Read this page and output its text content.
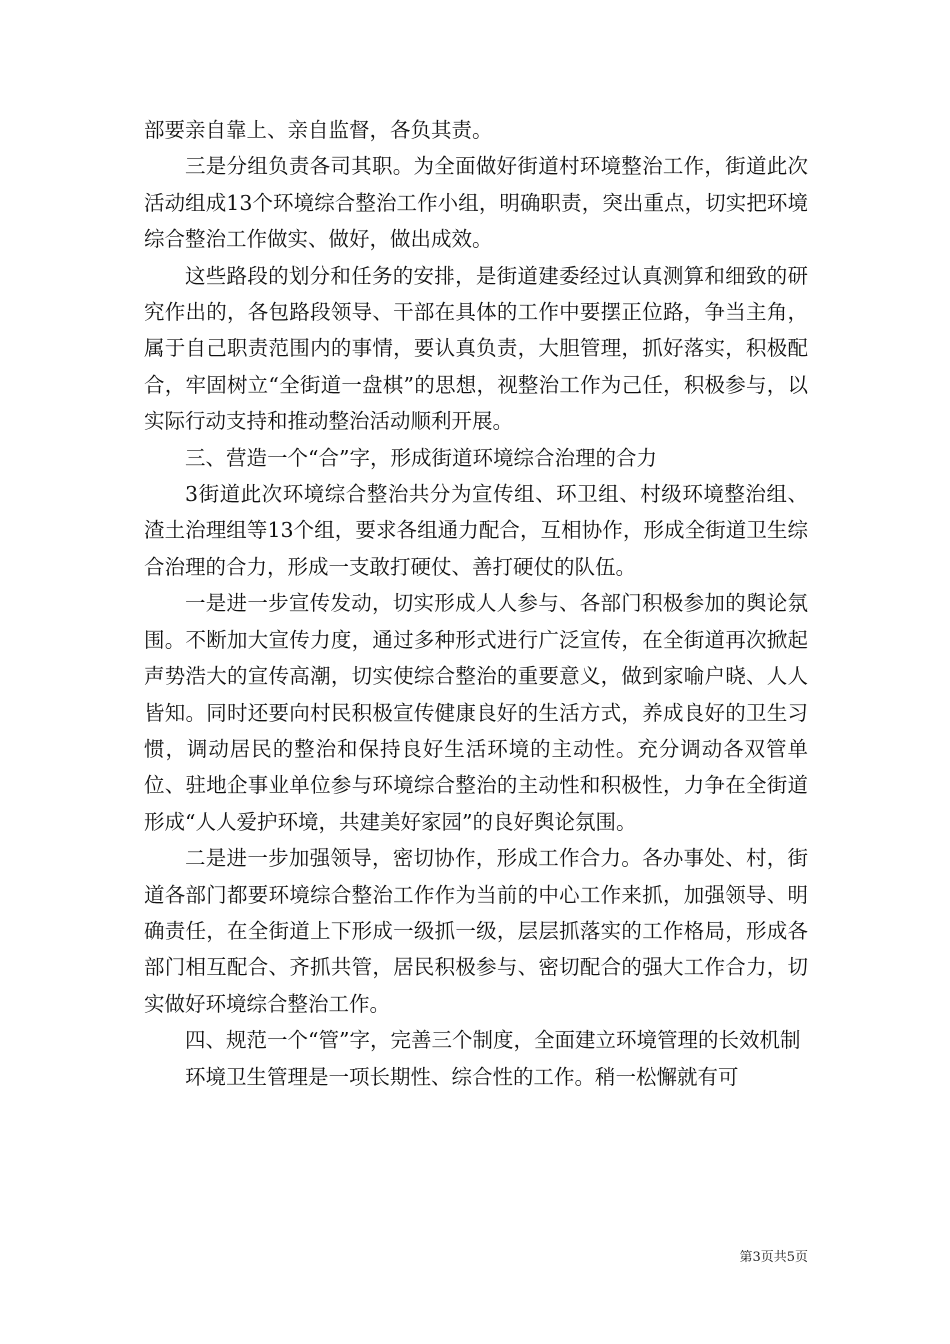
部要亲自靠上、亲自监督，各负其责。

三是分组负责各司其职。为全面做好街道村环境整治工作，街道此次活动组成13个环境综合整治工作小组，明确职责，突出重点，切实把环境综合整治工作做实、做好，做出成效。

这些路段的划分和任务的安排，是街道建委经过认真测算和细致的研究作出的，各包路段领导、干部在具体的工作中要摆正位路，争当主角，属于自己职责范围内的事情，要认真负责，大胆管理，抓好落实，积极配合，牢固树立“全街道一盘棋”的思想，视整治工作为己任，积极参与，以实际行动支持和推动整治活动顺利开展。

三、营造一个“合”字，形成街道环境综合治理的合力

3街道此次环境综合整治共分为宣传组、环卫组、村级环境整治组、渣土治理组等13个组，要求各组通力配合，互相协作，形成全街道卫生综合治理的合力，形成一支敢打硬仗、善打硬仗的队伍。

一是进一步宣传发动，切实形成人人参与、各部门积极参加的舆论氛围。不断加大宣传力度，通过多种形式进行广泛宣传，在全街道再次掀起声势浩大的宣传高潮，切实使综合整治的重要意义，做到家喻户晓、人人皆知。同时还要向村民积极宣传健康良好的生活方式，养成良好的卫生习惯，调动居民的整治和保持良好生活环境的主动性。充分调动各双管单位、驻地企事业单位参与环境综合整治的主动性和积极性，力争在全街道形成“人人爱护环境，共建美好家园”的良好舆论氛围。

二是进一步加强领导，密切协作，形成工作合力。各办事处、村，街道各部门都要环境综合整治工作作为当前的中心工作来抓，加强领导、明确责任，在全街道上下形成一级抓一级，层层抓落实的工作格局，形成各部门相互配合、齐抓共管，居民积极参与、密切配合的强大工作合力，切实做好环境综合整治工作。

四、规范一个“管”字，完善三个制度，全面建立环境管理的长效机制

环境卫生管理是一项长期性、综合性的工作。稍一松懈就有可

第3页共5页
